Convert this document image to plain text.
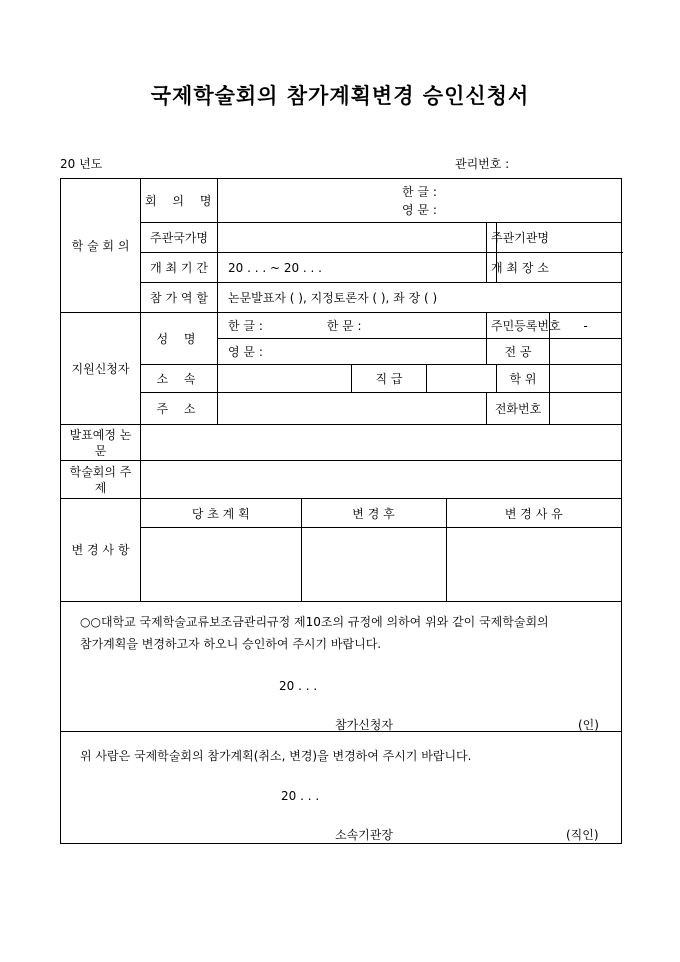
국제학술회의 참가계획변경 승인신청서
20 년도	관리번호 :
학 술 회 의	회 의 명	
한 글 :
영 문 :

주관국가명		주관기관명	
개 최 기 간	20 . . . ~ 20 . . .	개 최 장 소	
참 가 역 할	논문발표자 ( ), 지정토론자 ( ), 좌 장 ( )
지원신청자	성 명	한 글 :	한 문 :	주민등록번호	-
영 문 :	전 공	
소 속		직 급		학 위	
주 소		전화번호	
발표예정 논문	
학술회의 주제	
변 경 사 항	
당 초 계 획	변 경 후	변 경 사 유

○○대학교 국제학술교류보조금관리규정 제10조의 규정에 의하여 위와 같이 국제학술회의
참가계획을 변경하고자 하오니 승인하여 주시기 바랍니다.
20 . . .
참가신청자	(인)
위 사람은 국제학술회의 참가계획(취소, 변경)을 변경하여 주시기 바랍니다.
20 . . .
소속기관장	(직인)
